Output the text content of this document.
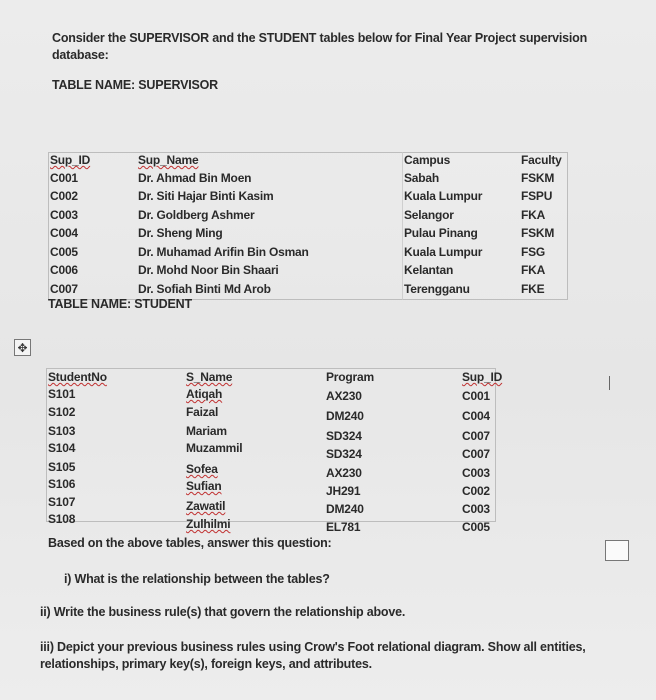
Consider the SUPERVISOR and the STUDENT tables below for Final Year Project supervision database:
TABLE NAME: SUPERVISOR
Sup_ID	Sup_Name	Campus	Faculty
C001	Dr. Ahmad Bin Moen	Sabah	FSKM
C002	Dr. Siti Hajar Binti Kasim	Kuala Lumpur	FSPU
C003	Dr. Goldberg Ashmer	Selangor	FKA
C004	Dr. Sheng Ming	Pulau Pinang	FSKM
C005	Dr. Muhamad Arifin Bin Osman	Kuala Lumpur	FSG
C006	Dr. Mohd Noor Bin Shaari	Kelantan	FKA
C007	Dr. Sofiah Binti Md Arob	Terengganu	FKE
TABLE NAME: STUDENT
✥
StudentNo	S_Name	Program	Sup_ID
S101	Atiqah	AX230	C001
S102	Faizal	DM240	C004
S103	Mariam	SD324	C007
S104	Muzammil	SD324	C007
S105	Sofea	AX230	C003
S106	Sufian	JH291	C002
S107	Zawatil	DM240	C003
S108	Zulhilmi	EL781	C005
Based on the above tables, answer this question:
i) What is the relationship between the tables?
ii) Write the business rule(s) that govern the relationship above.
iii) Depict your previous business rules using Crow's Foot relational diagram. Show all entities, relationships, primary key(s), foreign keys, and attributes.
